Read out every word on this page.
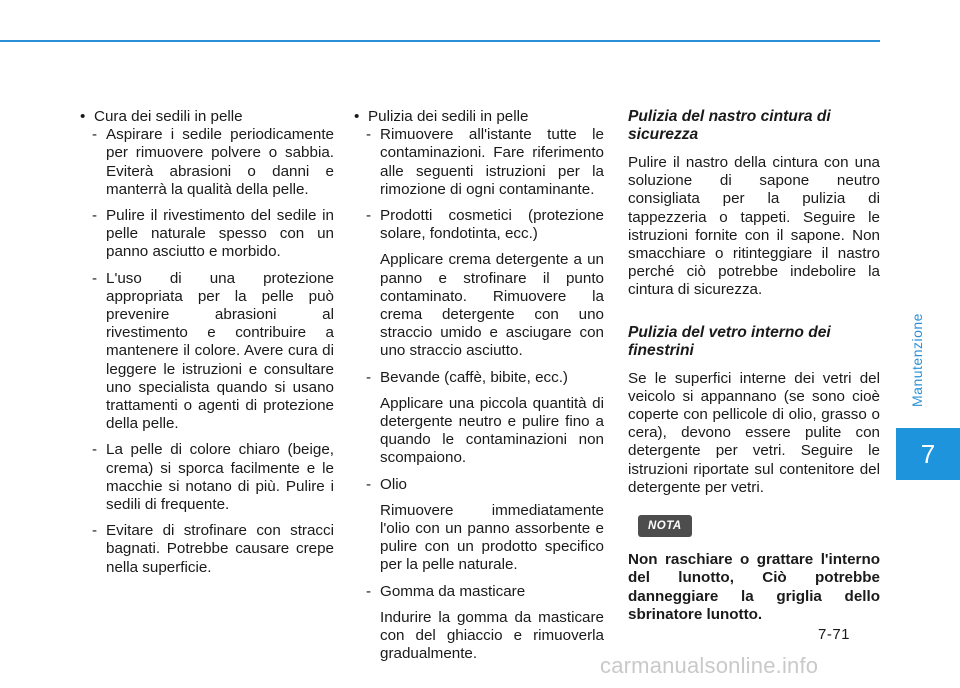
• Cura dei sedili in pelle

- Aspirare i sedile periodicamente per rimuovere polvere o sabbia. Eviterà abrasioni o danni e manterrà la qualità della pelle.
- Pulire il rivestimento del sedile in pelle naturale spesso con un panno asciutto e morbido.
- L'uso di una protezione appropriata per la pelle può prevenire abrasioni al rivestimento e contribuire a mantenere il colore. Avere cura di leggere le istruzioni e consultare uno specialista quando si usano trattamenti o agenti di protezione della pelle.
- La pelle di colore chiaro (beige, crema) si sporca facilmente e le macchie si notano di più. Pulire i sedili di frequente.
- Evitare di strofinare con stracci bagnati. Potrebbe causare crepe nella superficie.

• Pulizia dei sedili in pelle

- Rimuovere all'istante tutte le contaminazioni. Fare riferimento alle seguenti istruzioni per la rimozione di ogni contaminante.
- Prodotti cosmetici (protezione solare, fondotinta, ecc.)

Applicare crema detergente a un panno e strofinare il punto contaminato. Rimuovere la crema detergente con uno straccio umido e asciugare con uno straccio asciutto.

- Bevande (caffè, bibite, ecc.)

Applicare una piccola quantità di detergente neutro e pulire fino a quando le contaminazioni non scompaiono.

- Olio

Rimuovere immediatamente l'olio con un panno assorbente e pulire con un prodotto specifico per la pelle naturale.

- Gomma da masticare

Indurire la gomma da masticare con del ghiaccio e rimuoverla gradualmente.

Pulizia del nastro cintura di sicurezza

Pulire il nastro della cintura con una soluzione di sapone neutro consigliata per la pulizia di tappezzeria o tappeti. Seguire le istruzioni fornite con il sapone. Non smacchiare o ritinteggiare il nastro perché ciò potrebbe indebolire la cintura di sicurezza.

Pulizia del vetro interno dei finestrini

Se le superfici interne dei vetri del veicolo si appannano (se sono cioè coperte con pellicole di olio, grasso o cera), devono essere pulite con detergente per vetri. Seguire le istruzioni riportate sul contenitore del detergente per vetri.

NOTA

Non raschiare o grattare l'interno del lunotto, Ciò potrebbe danneggiare la griglia dello sbrinatore lunotto.

Manutenzione
7
7-71
carmanualsonline.info
